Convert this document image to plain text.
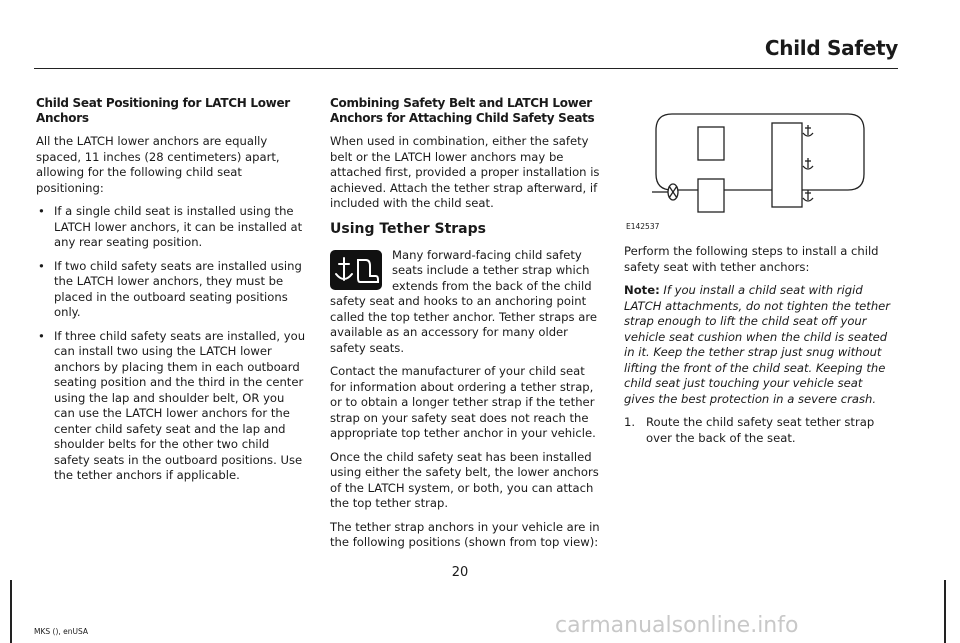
Child Safety
Child Seat Positioning for LATCH Lower Anchors

All the LATCH lower anchors are equally spaced, 11 inches (28 centimeters) apart, allowing for the following child seat positioning:

• If a single child seat is installed using the LATCH lower anchors, it can be installed at any rear seating position.
• If two child safety seats are installed using the LATCH lower anchors, they must be placed in the outboard seating positions only.
• If three child safety seats are installed, you can install two using the LATCH lower anchors by placing them in each outboard seating position and the third in the center using the lap and shoulder belt, OR you can use the LATCH lower anchors for the center child safety seat and the lap and shoulder belts for the other two child safety seats in the outboard positions. Use the tether anchors if applicable.
Combining Safety Belt and LATCH Lower Anchors for Attaching Child Safety Seats

When used in combination, either the safety belt or the LATCH lower anchors may be attached first, provided a proper installation is achieved. Attach the tether strap afterward, if included with the child seat.

Using Tether Straps

Many forward-facing child safety seats include a tether strap which extends from the back of the child safety seat and hooks to an anchoring point called the top tether anchor. Tether straps are available as an accessory for many older safety seats.

Contact the manufacturer of your child seat for information about ordering a tether strap, or to obtain a longer tether strap if the tether strap on your safety seat does not reach the appropriate top tether anchor in your vehicle.

Once the child safety seat has been installed using either the safety belt, the lower anchors of the LATCH system, or both, you can attach the top tether strap.

The tether strap anchors in your vehicle are in the following positions (shown from top view):

E142537

Perform the following steps to install a child safety seat with tether anchors:

Note: If you install a child seat with rigid LATCH attachments, do not tighten the tether strap enough to lift the child seat off your vehicle seat cushion when the child is seated in it. Keep the tether strap just snug without lifting the front of the child seat. Keeping the child seat just touching your vehicle seat gives the best protection in a severe crash.

1. Route the child safety seat tether strap over the back of the seat.
20
MKS (), enUSA	carmanualsonline.info
